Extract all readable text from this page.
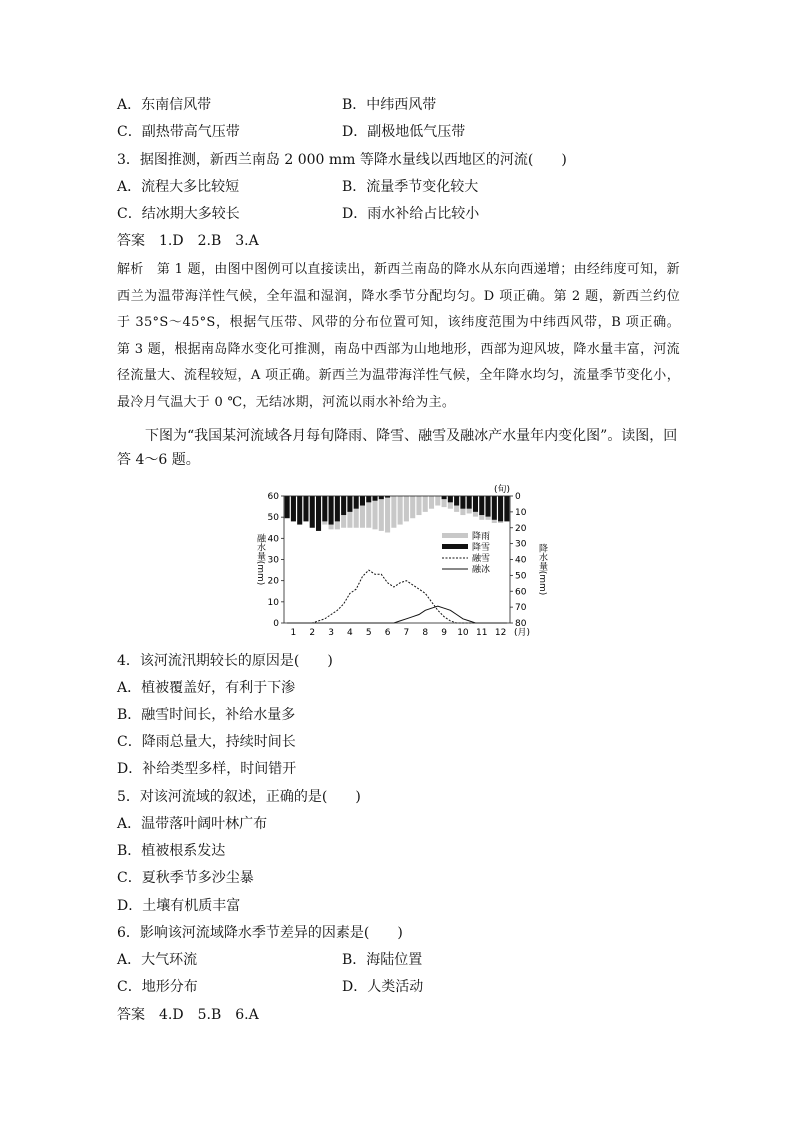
A．东南信风带	B．中纬西风带
C．副热带高气压带	D．副极地低气压带
3．据图推测，新西兰南岛 2 000 mm 等降水量线以西地区的河流(　　)
A．流程大多比较短	B．流量季节变化较大
C．结冰期大多较长	D．雨水补给占比较小
答案　1.D　2.B　3.A
解析　第 1 题，由图中图例可以直接读出，新西兰南岛的降水从东向西递增；由经纬度可知，新西兰为温带海洋性气候，全年温和湿润，降水季节分配均匀。D 项正确。第 2 题，新西兰约位于 35°S～45°S，根据气压带、风带的分布位置可知，该纬度范围为中纬西风带，B 项正确。第 3 题，根据南岛降水变化可推测，南岛中西部为山地地形，西部为迎风坡，降水量丰富，河流径流量大、流程较短，A 项正确。新西兰为温带海洋性气候，全年降水均匀，流量季节变化小，最冷月气温大于 0 ℃，无结冰期，河流以雨水补给为主。
下图为“我国某河流域各月每旬降雨、降雪、融雪及融冰产水量年内变化图”。读图，回答 4～6 题。
0
10
20
30
40
50
60	0
10
20
30
40
50
60
70
80
1 2 3 4 5 6 7 8 9 10 11 12 (月)
(旬)
融水量(mm)	降水量(mm)
降雨
降雪
融雪
融冰
4．该河流汛期较长的原因是(　　)
A．植被覆盖好，有利于下渗
B．融雪时间长，补给水量多
C．降雨总量大，持续时间长
D．补给类型多样，时间错开
5．对该河流域的叙述，正确的是(　　)
A．温带落叶阔叶林广布
B．植被根系发达
C．夏秋季节多沙尘暴
D．土壤有机质丰富
6．影响该河流域降水季节差异的因素是(　　)
A．大气环流	B．海陆位置
C．地形分布	D．人类活动
答案　4.D　5.B　6.A
